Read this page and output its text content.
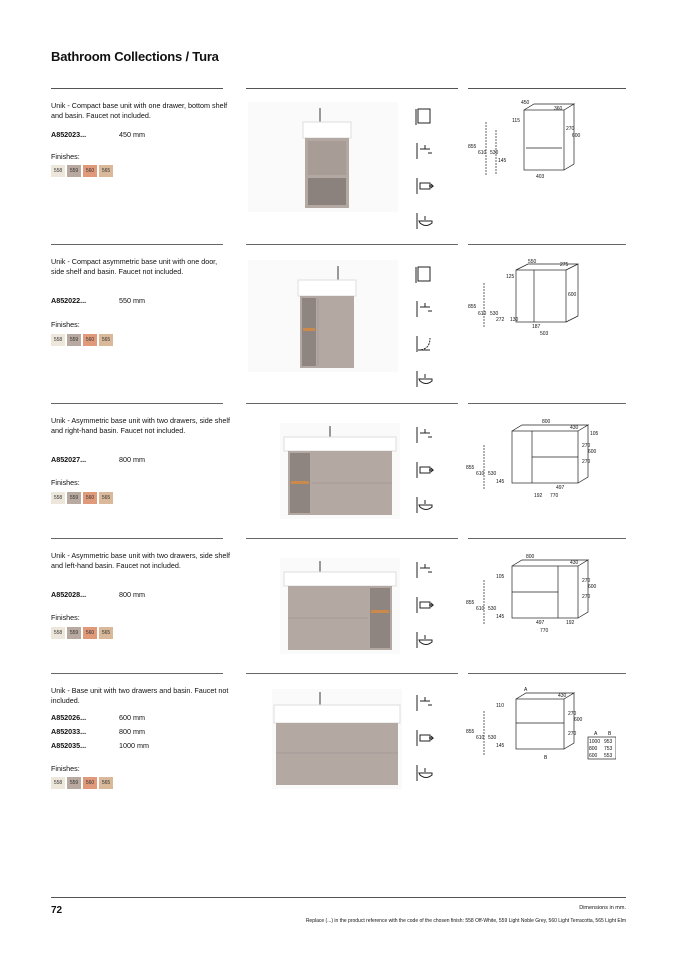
Bathroom Collections / Tura
Unik - Compact base unit with one drawer, bottom shelf and basin. Faucet not included.
A852023...	450 mm
Finishes:
558	559	560	565

450
360
115
270
600
855
610 530
145
403
Unik - Compact asymmetric base unit with one door, side shelf and basin. Faucet not included.
A852022...	550 mm
Finishes:
558	559	560	565

550	275
125
600
855
610 530
272 130
187
503
Unik - Asymmetric base unit with two drawers, side shelf and right-hand basin. Faucet not included.
A852027...	800 mm
Finishes:
558	559	560	565

800
430
105
270
600
270
855
610 530
145
497
192 770
Unik - Asymmetric base unit with two drawers, side shelf and left-hand basin. Faucet not included.
A852028...	800 mm
Finishes:
558	559	560	565

800
430
105
270
600
270
855
610 530
145
497	192
770
Unik - Base unit with two drawers and basin. Faucet not included.
A852026...	600 mm
A852033...	800 mm
A852035...	1000 mm
Finishes:
558	559	560	565

A
430
110
270
600
855
610 530
145
B
270	A B
1000 953
800 753
600 553
72	Dimensions in mm.
Replace (...) in the product reference with the code of the chosen finish: 558 Off-White, 559 Light Noble Grey, 560 Light Terracotta, 565 Light Elm
